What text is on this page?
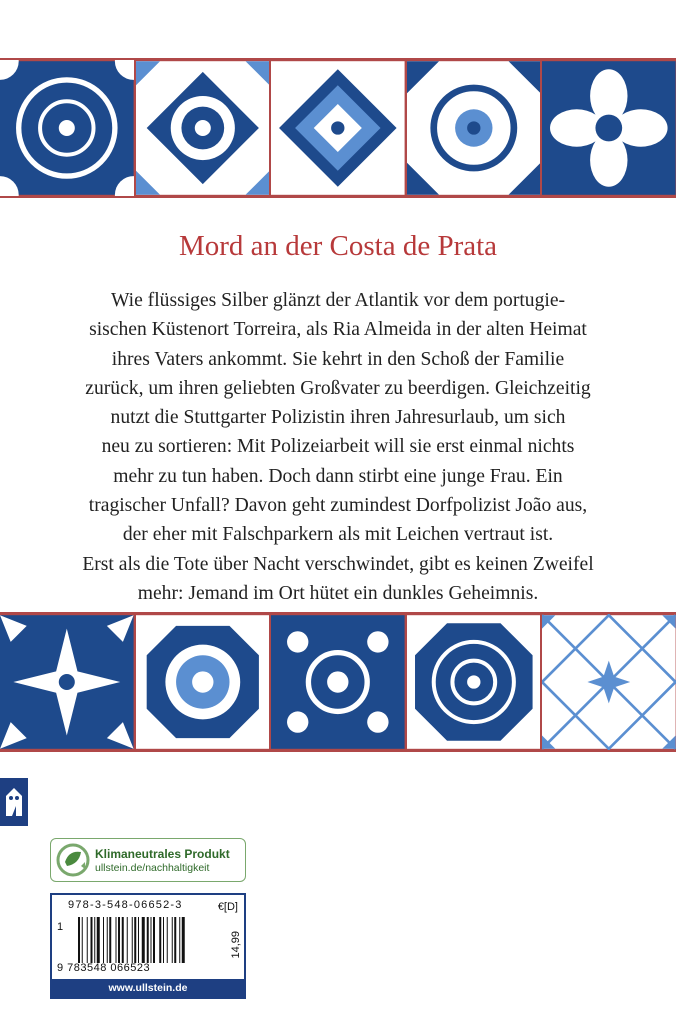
Mord an der Costa de Prata
Wie flüssiges Silber glänzt der Atlantik vor dem portugie-
sischen Küstenort Torreira, als Ria Almeida in der alten Heimat
ihres Vaters ankommt. Sie kehrt in den Schoß der Familie
zurück, um ihren geliebten Großvater zu beerdigen. Gleichzeitig
nutzt die Stuttgarter Polizistin ihren Jahresurlaub, um sich
neu zu sortieren: Mit Polizeiarbeit will sie erst einmal nichts
mehr zu tun haben. Doch dann stirbt eine junge Frau. Ein
tragischer Unfall? Davon geht zumindest Dorfpolizist João aus,
der eher mit Falschparkern als mit Leichen vertraut ist.
Erst als die Tote über Nacht verschwindet, gibt es keinen Zweifel
mehr: Jemand im Ort hütet ein dunkles Geheimnis.
Klimaneutrales Produkt
ullstein.de/nachhaltigkeit
978-3-548-06652-3	€[D]
1
9 783548 066523
14,99
www.ullstein.de
